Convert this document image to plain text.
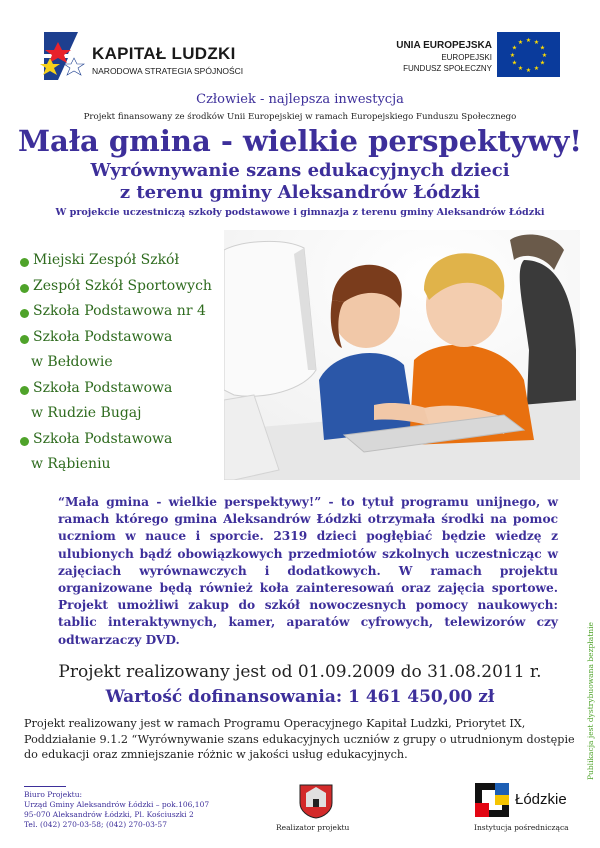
KAPITAŁ LUDZKI
NARODOWA STRATEGIA SPÓJNOŚCI
UNIA EUROPEJSKA
EUROPEJSKI
FUNDUSZ SPOŁECZNY
★ ★
★
★
★
★
★
★
★
★
★
★
Człowiek - najlepsza inwestycja
Projekt finansowany ze środków Unii Europejskiej w ramach Europejskiego Funduszu Społecznego
Mała gmina - wielkie perspektywy!
Wyrównywanie szans edukacyjnych dzieci
z terenu gminy Aleksandrów Łódzki
W projekcie uczestniczą szkoły podstawowe i gimnazja z terenu gminy Aleksandrów Łódzki
Miejski Zespół Szkół
Zespół Szkół Sportowych
Szkoła Podstawowa nr 4
Szkoła Podstawowa
w Bełdowie
Szkoła Podstawowa
w Rudzie Bugaj
Szkoła Podstawowa
w Rąbieniu
“Mała gmina - wielkie perspektywy!” - to tytuł programu unijnego, w ramach którego gmina Aleksandrów Łódzki otrzymała środki na pomoc uczniom w nauce i sporcie. 2319 dzieci pogłębiać będzie wiedzę z ulubionych bądź obowiązkowych przedmiotów szkolnych uczestnicząc w zajęciach wyrównawczych i dodatkowych. W ramach projektu organizowane będą również koła zainteresowań oraz zajęcia sportowe. Projekt umożliwi zakup do szkół nowoczesnych pomocy naukowych: tablic interaktywnych, kamer, aparatów cyfrowych, telewizorów czy odtwarzaczy DVD.
Projekt realizowany jest od 01.09.2009 do 31.08.2011 r.
Wartość dofinansowania: 1 461 450,00 zł
Projekt realizowany jest w ramach Programu Operacyjnego Kapitał Ludzki, Priorytet IX, Poddziałanie 9.1.2 “Wyrównywanie szans edukacyjnych uczniów z grupy o utrudnionym dostępie do edukacji oraz zmniejszanie różnic w jakości usług edukacyjnych.	Publikacja jest dystrybuowana bezpłatnie
Biuro Projektu:
Urząd Gminy Aleksandrów Łódzki – pok.106,107
95-070 Aleksandrów Łódzki, Pl. Kościuszki 2
Tel. (042) 270-03-58; (042) 270-03-57	Realizator projektu
Łódzkie
Instytucja pośrednicząca
